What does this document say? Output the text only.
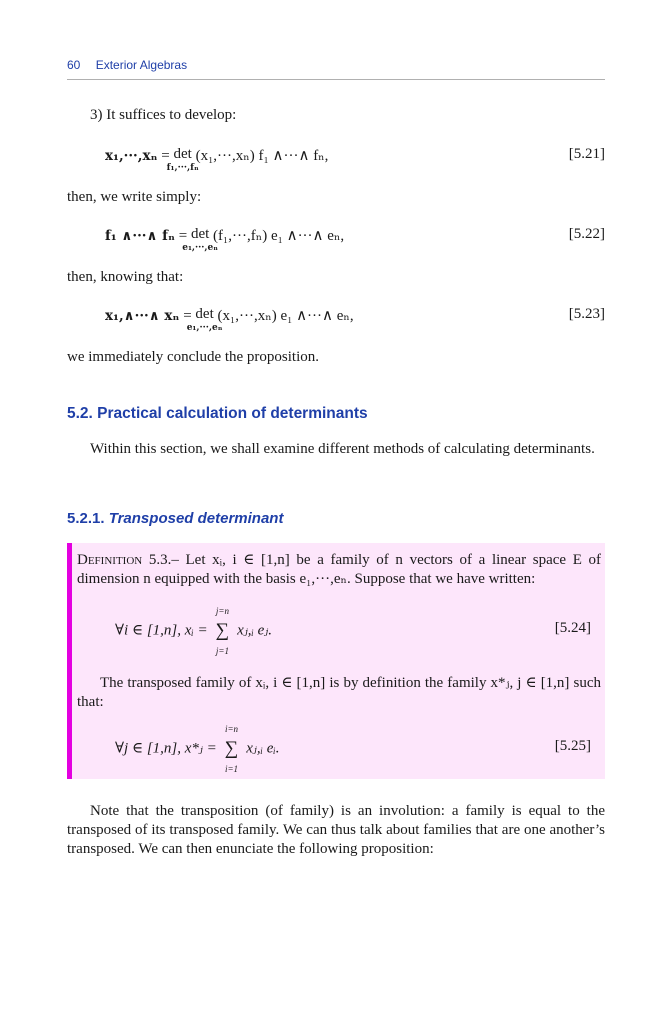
60 Exterior Algebras
3) It suffices to develop:
x₁,···,xₙ = det
f₁,···,fₙ
(x₁,···,xₙ) f₁ ∧···∧ fₙ,	[5.21]
then, we write simply:
f₁ ∧···∧ fₙ = det
e₁,···,eₙ
(f₁,···,fₙ) e₁ ∧···∧ eₙ,	[5.22]
then, knowing that:
x₁,∧···∧ xₙ = det
e₁,···,eₙ
(x₁,···,xₙ) e₁ ∧···∧ eₙ,	[5.23]
we immediately conclude the proposition.
5.2. Practical calculation of determinants
Within this section, we shall examine different methods of calculating determinants.
5.2.1. Transposed determinant
Definition 5.3.– Let xᵢ, i ∈ [1,n] be a family of n vectors of a linear space E of dimension n equipped with the basis e₁,···,eₙ. Suppose that we have written:
∀i ∈ [1,n], xᵢ = ∑
j=n
j=1
xⱼ,ᵢ eⱼ.	[5.24]
The transposed family of xᵢ, i ∈ [1,n] is by definition the family x*ⱼ, j ∈ [1,n] such that:
∀j ∈ [1,n], x*ⱼ = ∑
i=n
i=1
xⱼ,ᵢ eᵢ.	[5.25]
Note that the transposition (of family) is an involution: a family is equal to the transposed of its transposed family. We can thus talk about families that are one another’s transposed. We can then enunciate the following proposition:
